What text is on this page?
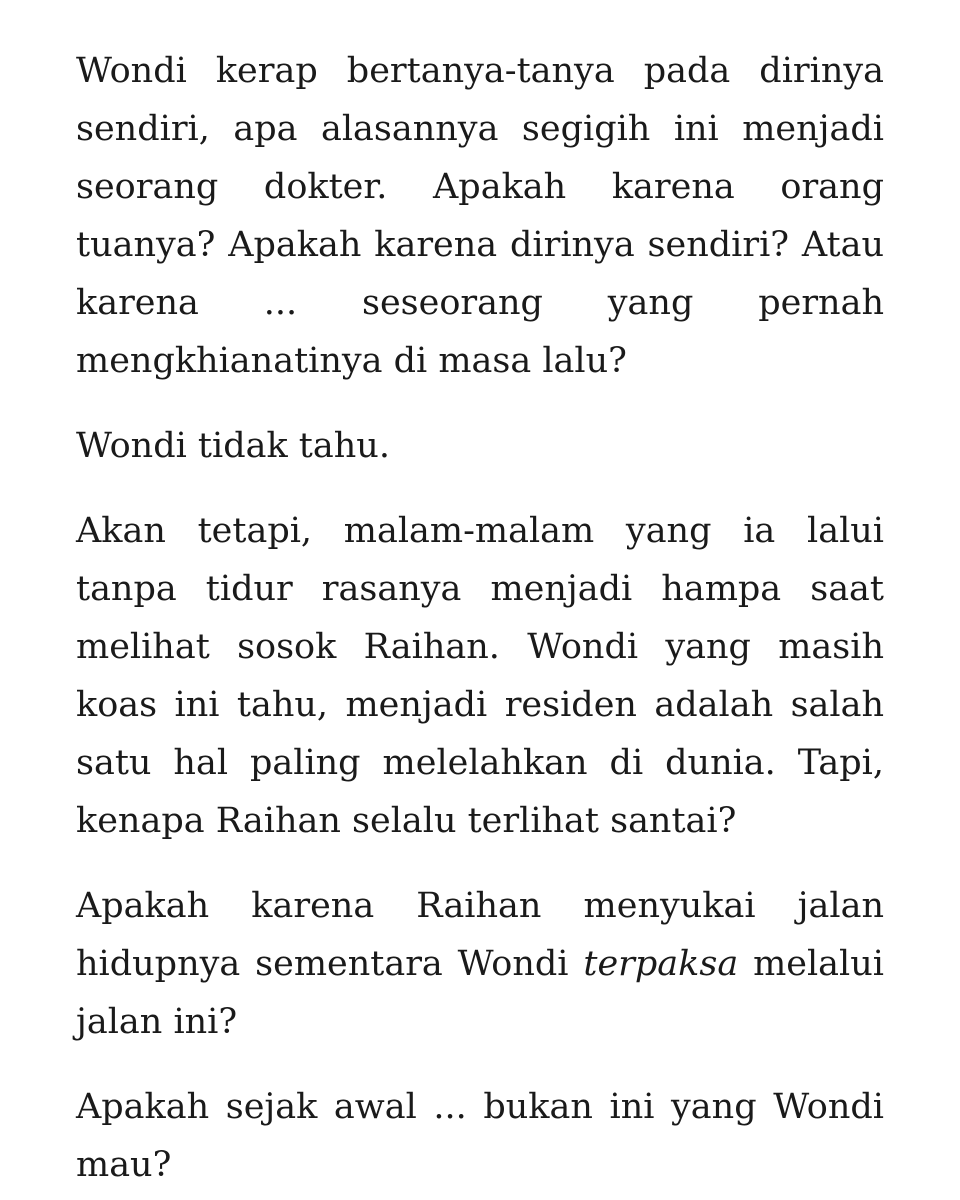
Wondi kerap bertanya-tanya pada dirinya sendiri, apa alasannya segigih ini menjadi seorang dokter. Apakah karena orang tuanya? Apakah karena dirinya sendiri? Atau karena ... seseorang yang pernah mengkhianatinya di masa lalu?

Wondi tidak tahu.

Akan tetapi, malam-malam yang ia lalui tanpa tidur rasanya menjadi hampa saat melihat sosok Raihan. Wondi yang masih koas ini tahu, menjadi residen adalah salah satu hal paling melelahkan di dunia. Tapi, kenapa Raihan selalu terlihat santai?

Apakah karena Raihan menyukai jalan hidupnya sementara Wondi terpaksa melalui jalan ini?

Apakah sejak awal ... bukan ini yang Wondi mau?
